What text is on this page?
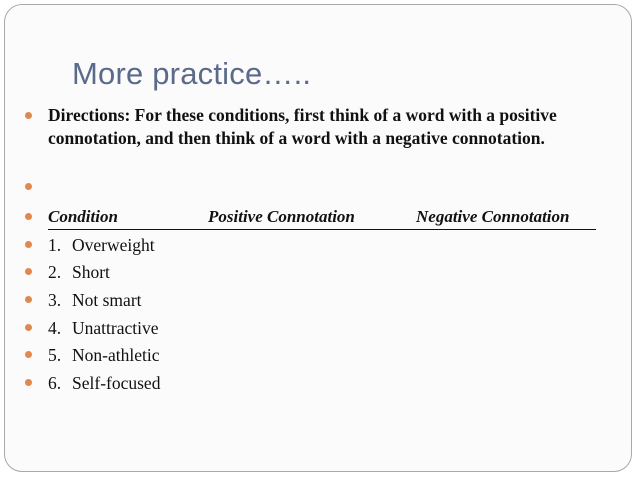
More practice…..
Directions: For these conditions, first think of a word with a positive connotation, and then think of a word with a negative connotation.
Condition	Positive Connotation	Negative Connotation
1. Overweight
2. Short
3. Not smart
4. Unattractive
5. Non-athletic
6. Self-focused
